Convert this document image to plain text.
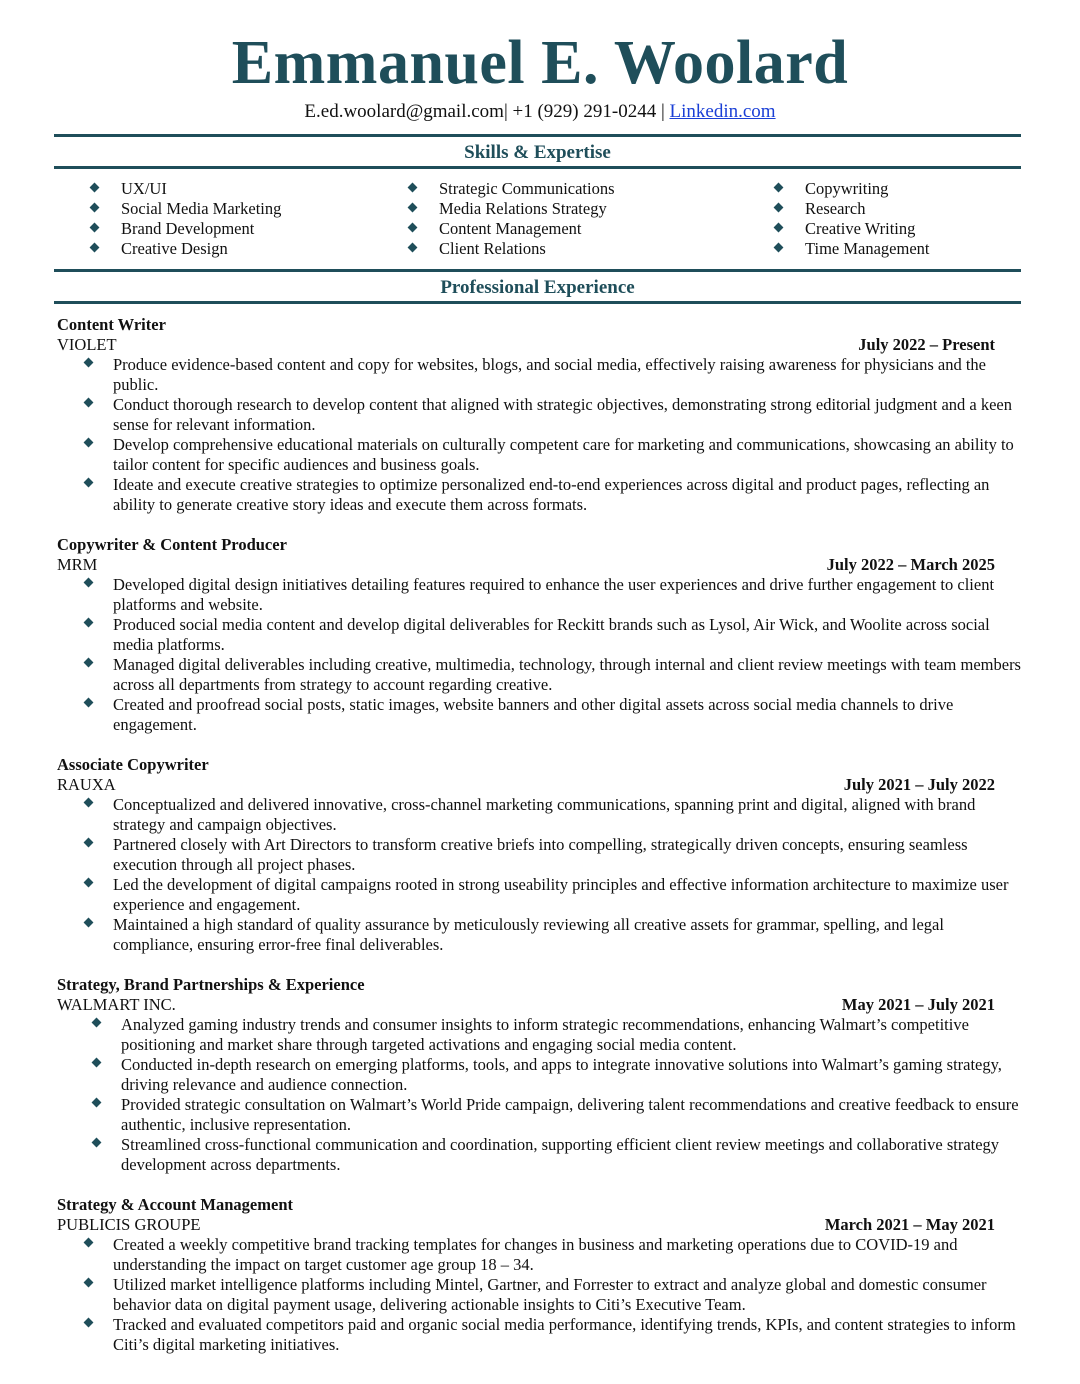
Emmanuel E. Woolard
E.ed.woolard@gmail.com| +1 (929) 291-0244 | Linkedin.com
Skills & Expertise
UX/UI
Social Media Marketing
Brand Development
Creative Design
Strategic Communications
Media Relations Strategy
Content Management
Client Relations
Copywriting
Research
Creative Writing
Time Management
Professional Experience
Content Writer
VIOLET	July 2022 – Present
Produce evidence-based content and copy for websites, blogs, and social media, effectively raising awareness for physicians and the public.
Conduct thorough research to develop content that aligned with strategic objectives, demonstrating strong editorial judgment and a keen sense for relevant information.
Develop comprehensive educational materials on culturally competent care for marketing and communications, showcasing an ability to tailor content for specific audiences and business goals.
Ideate and execute creative strategies to optimize personalized end-to-end experiences across digital and product pages, reflecting an ability to generate creative story ideas and execute them across formats.
Copywriter & Content Producer
MRM	July 2022 – March 2025
Developed digital design initiatives detailing features required to enhance the user experiences and drive further engagement to client platforms and website.
Produced social media content and develop digital deliverables for Reckitt brands such as Lysol, Air Wick, and Woolite across social media platforms.
Managed digital deliverables including creative, multimedia, technology, through internal and client review meetings with team members across all departments from strategy to account regarding creative.
Created and proofread social posts, static images, website banners and other digital assets across social media channels to drive engagement.
Associate Copywriter
RAUXA	July 2021 – July 2022
Conceptualized and delivered innovative, cross-channel marketing communications, spanning print and digital, aligned with brand strategy and campaign objectives.
Partnered closely with Art Directors to transform creative briefs into compelling, strategically driven concepts, ensuring seamless execution through all project phases.
Led the development of digital campaigns rooted in strong useability principles and effective information architecture to maximize user experience and engagement.
Maintained a high standard of quality assurance by meticulously reviewing all creative assets for grammar, spelling, and legal compliance, ensuring error-free final deliverables.
Strategy, Brand Partnerships & Experience
WALMART INC.	May 2021 – July 2021
Analyzed gaming industry trends and consumer insights to inform strategic recommendations, enhancing Walmart’s competitive positioning and market share through targeted activations and engaging social media content.
Conducted in-depth research on emerging platforms, tools, and apps to integrate innovative solutions into Walmart’s gaming strategy, driving relevance and audience connection.
Provided strategic consultation on Walmart’s World Pride campaign, delivering talent recommendations and creative feedback to ensure authentic, inclusive representation.
Streamlined cross-functional communication and coordination, supporting efficient client review meetings and collaborative strategy development across departments.
Strategy & Account Management
PUBLICIS GROUPE	March 2021 – May 2021
Created a weekly competitive brand tracking templates for changes in business and marketing operations due to COVID-19 and understanding the impact on target customer age group 18 – 34.
Utilized market intelligence platforms including Mintel, Gartner, and Forrester to extract and analyze global and domestic consumer behavior data on digital payment usage, delivering actionable insights to Citi’s Executive Team.
Tracked and evaluated competitors paid and organic social media performance, identifying trends, KPIs, and content strategies to inform Citi’s digital marketing initiatives.
